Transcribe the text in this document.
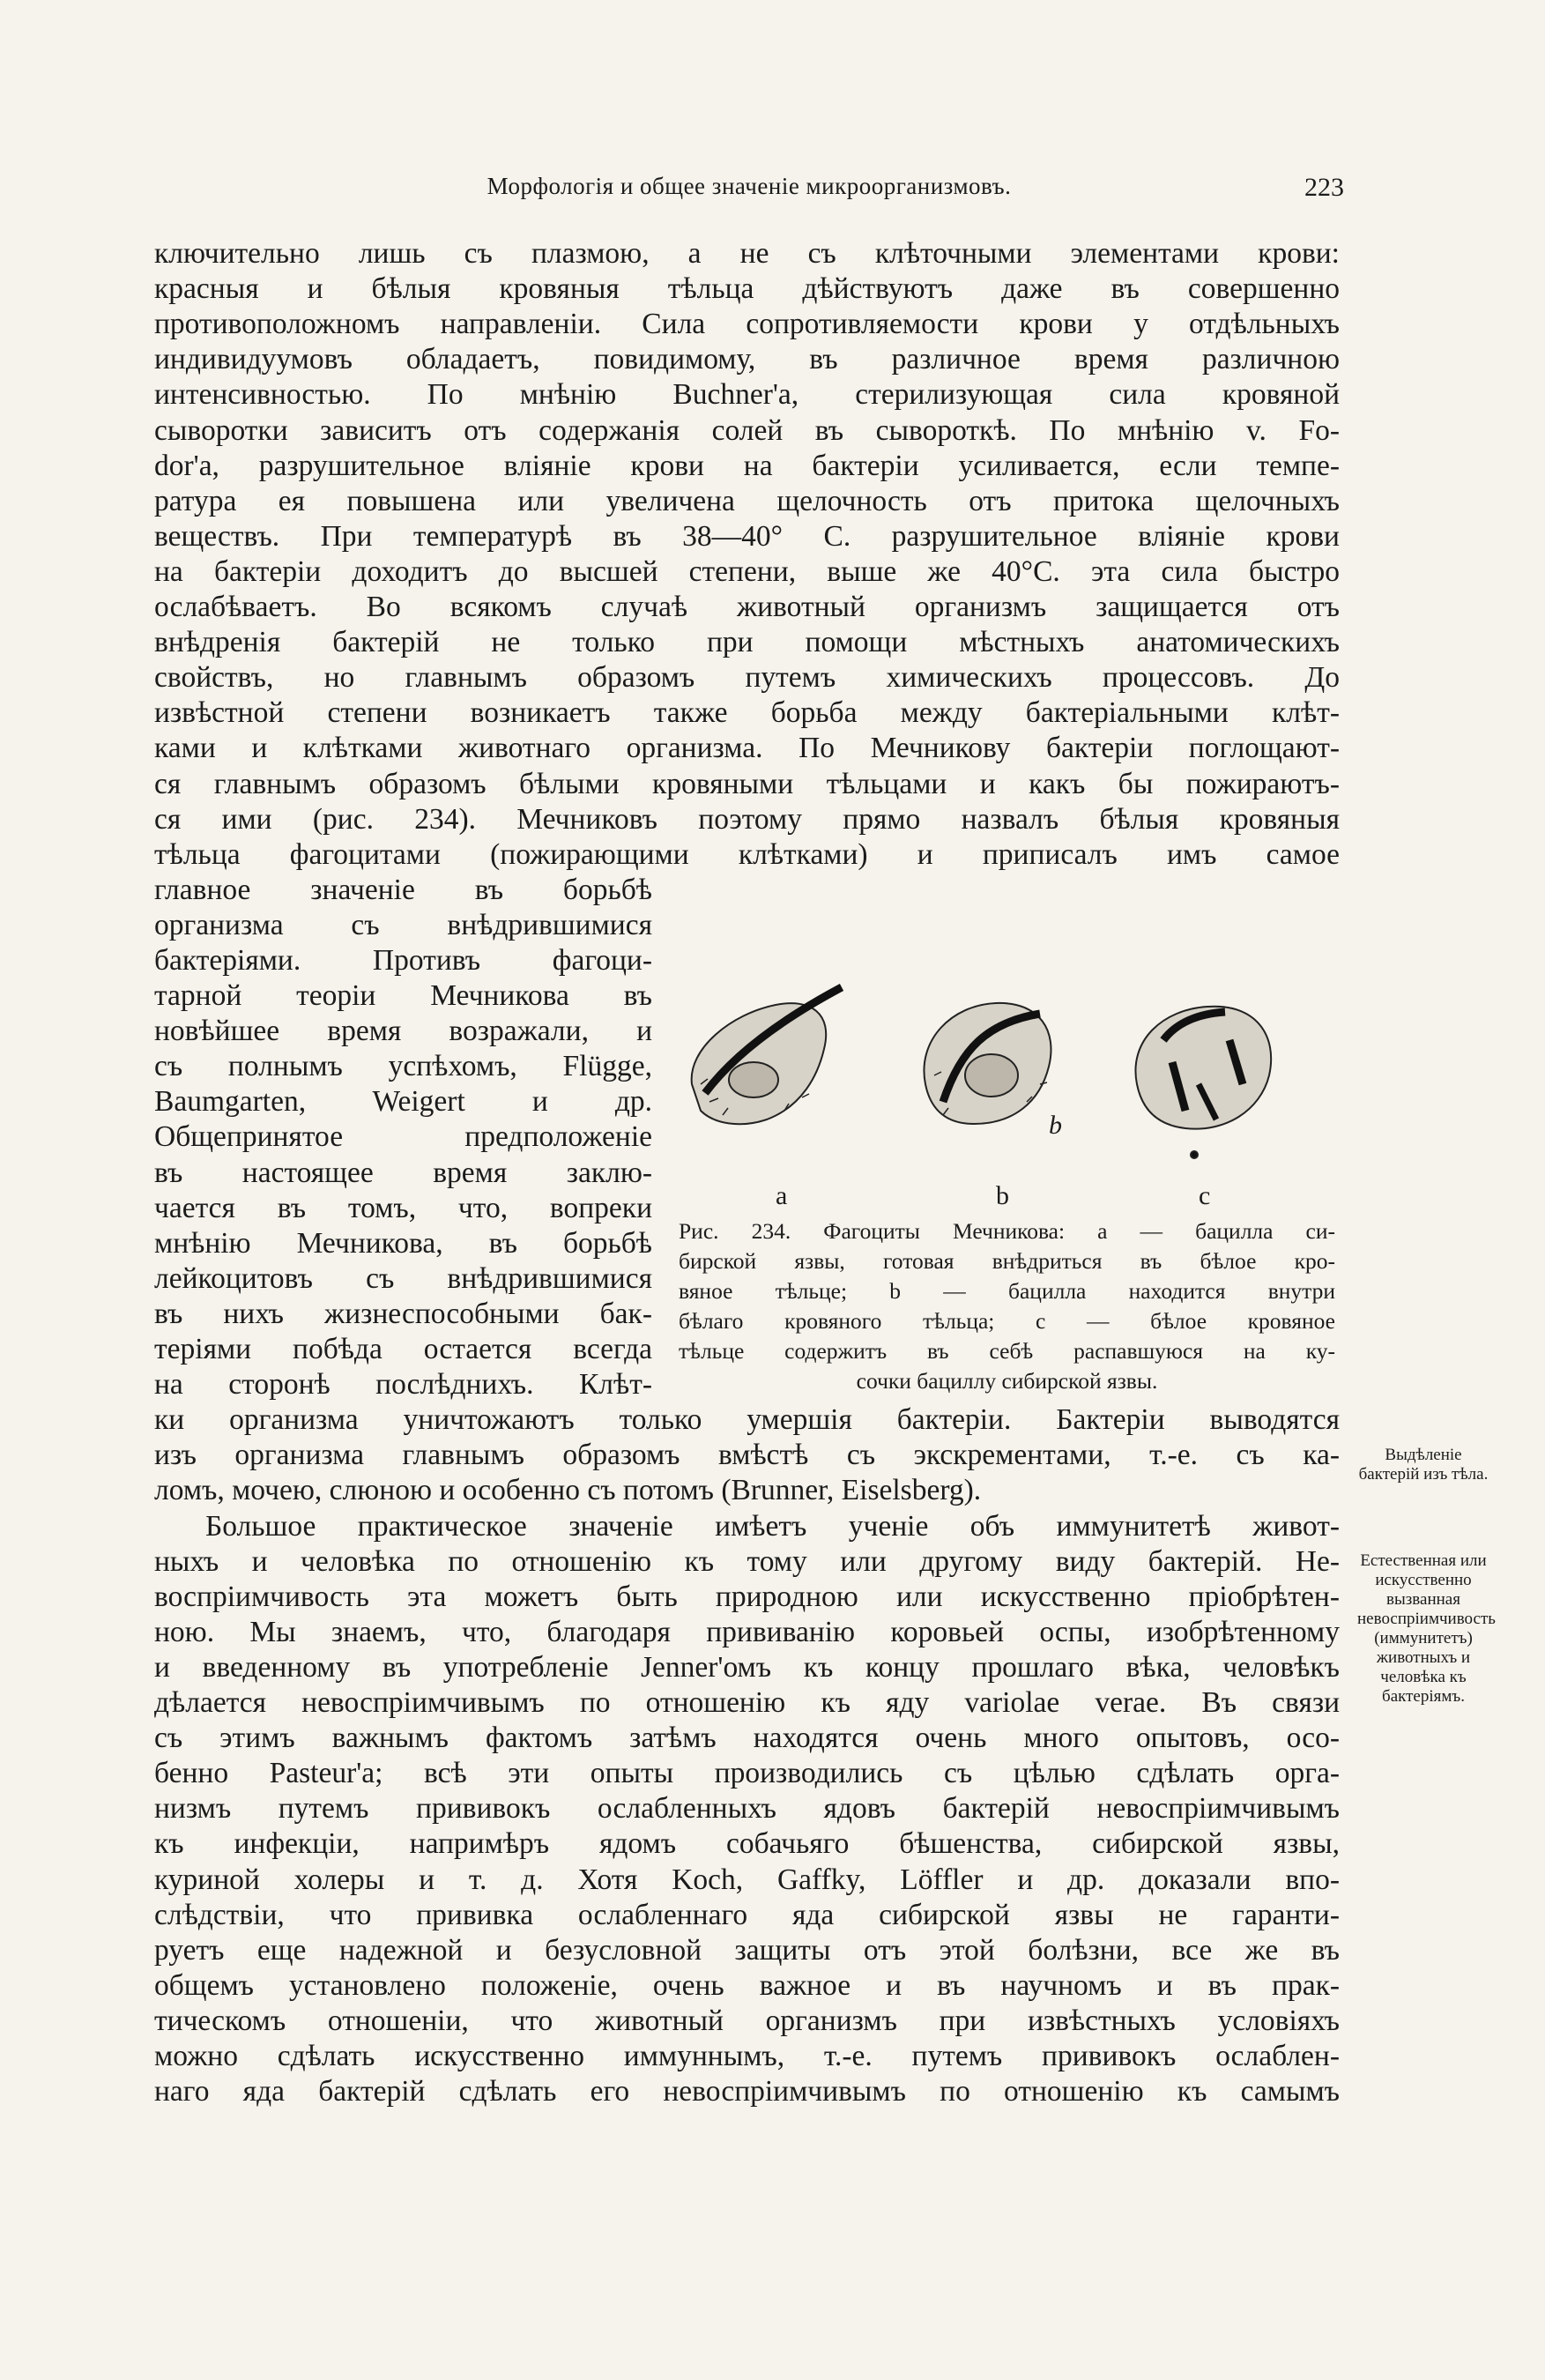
Морфологія и общее значеніе микроорганизмовъ.	223
ключительно лишь съ плазмою, а не съ клѣточными элементами крови:
красныя и бѣлыя кровяныя тѣльца дѣйствуютъ даже въ совершенно
противоположномъ направленіи. Сила сопротивляемости крови у отдѣльныхъ
индивидуумовъ обладаетъ, повидимому, въ различное время различною
интенсивностью. По мнѣнію Buchner'a, стерилизующая сила кровяной
сыворотки зависитъ отъ содержанія солей въ сывороткѣ. По мнѣнію v. Fo-
dor'a, разрушительное вліяніе крови на бактеріи усиливается, если темпе-
ратура ея повышена или увеличена щелочность отъ притока щелочныхъ
веществъ. При температурѣ въ 38—40° С. разрушительное вліяніе крови
на бактеріи доходитъ до высшей степени, выше же 40°С. эта сила быстро
ослабѣваетъ. Во всякомъ случаѣ животный организмъ защищается отъ
внѣдренія бактерій не только при помощи мѣстныхъ анатомическихъ
свойствъ, но главнымъ образомъ путемъ химическихъ процессовъ. До
извѣстной степени возникаетъ также борьба между бактеріальными клѣт-
ками и клѣтками животнаго организма. По Мечникову бактеріи поглощают-
ся главнымъ образомъ бѣлыми кровяными тѣльцами и какъ бы пожираютъ-
ся ими (рис. 234). Мечниковъ поэтому прямо назвалъ бѣлыя кровяныя
тѣльца фагоцитами (пожирающими клѣтками) и приписалъ имъ самое
главное значеніе въ борьбѣ
организма съ внѣдрившимися
бактеріями. Противъ фагоци-
тарной теоріи Мечникова въ
новѣйшее время возражали, и
съ полнымъ успѣхомъ, Flügge,
Baumgarten, Weigert и др.
Общепринятое предположеніе
въ настоящее время заклю-
чается въ томъ, что, вопреки
мнѣнію Мечникова, въ борьбѣ
лейкоцитовъ съ внѣдрившимися
въ нихъ жизнеспособными бак-
теріями побѣда остается всегда
на сторонѣ послѣднихъ. Клѣт-
ки организма уничтожаютъ только умершія бактеріи. Бактеріи выводятся
изъ организма главнымъ образомъ вмѣстѣ съ экскрементами, т.-е. съ ка-
ломъ, мочею, слюною и особенно съ потомъ (Brunner, Eiselsberg).
Большое практическое значеніе имѣетъ ученіе объ иммунитетѣ живот-
ныхъ и человѣка по отношенію къ тому или другому виду бактерій. Не-
воспріимчивость эта можетъ быть природною или искусственно пріобрѣтен-
ною. Мы знаемъ, что, благодаря прививанію коровьей оспы, изобрѣтенному
и введенному въ употребленіе Jenner'омъ къ концу прошлаго вѣка, человѣкъ
дѣлается невоспріимчивымъ по отношенію къ яду variolae verae. Въ связи
съ этимъ важнымъ фактомъ затѣмъ находятся очень много опытовъ, осо-
бенно Pasteur'a; всѣ эти опыты производились съ цѣлью сдѣлать орга-
низмъ путемъ прививокъ ослабленныхъ ядовъ бактерій невоспріимчивымъ
къ инфекціи, напримѣръ ядомъ собачьяго бѣшенства, сибирской язвы,
куриной холеры и т. д. Хотя Koch, Gaffky, Löffler и др. доказали впо-
слѣдствіи, что прививка ослабленнаго яда сибирской язвы не гаранти-
руетъ еще надежной и безусловной защиты отъ этой болѣзни, все же въ
общемъ установлено положеніе, очень важное и въ научномъ и въ прак-
тическомъ отношеніи, что животный организмъ при извѣстныхъ условіяхъ
можно сдѣлать искусственно иммуннымъ, т.-е. путемъ прививокъ ослаблен-
наго яда бактерій сдѣлать его невоспріимчивымъ по отношенію къ самымъ
b
a	b	c
Рис. 234. Фагоциты Мечникова: а — бацилла си-
бирской язвы, готовая внѣдриться въ бѣлое кро-
вяное тѣльце; b — бацилла находится внутри
бѣлаго кровяного тѣльца; с — бѣлое кровяное
тѣльце содержитъ въ себѣ распавшуюся на ку-
сочки бациллу сибирской язвы.
Выдѣленіе бактерій изъ тѣла.
Естественная или искусственно вызванная невоспріимчивость (иммунитетъ) животныхъ и человѣка къ бактеріямъ.
